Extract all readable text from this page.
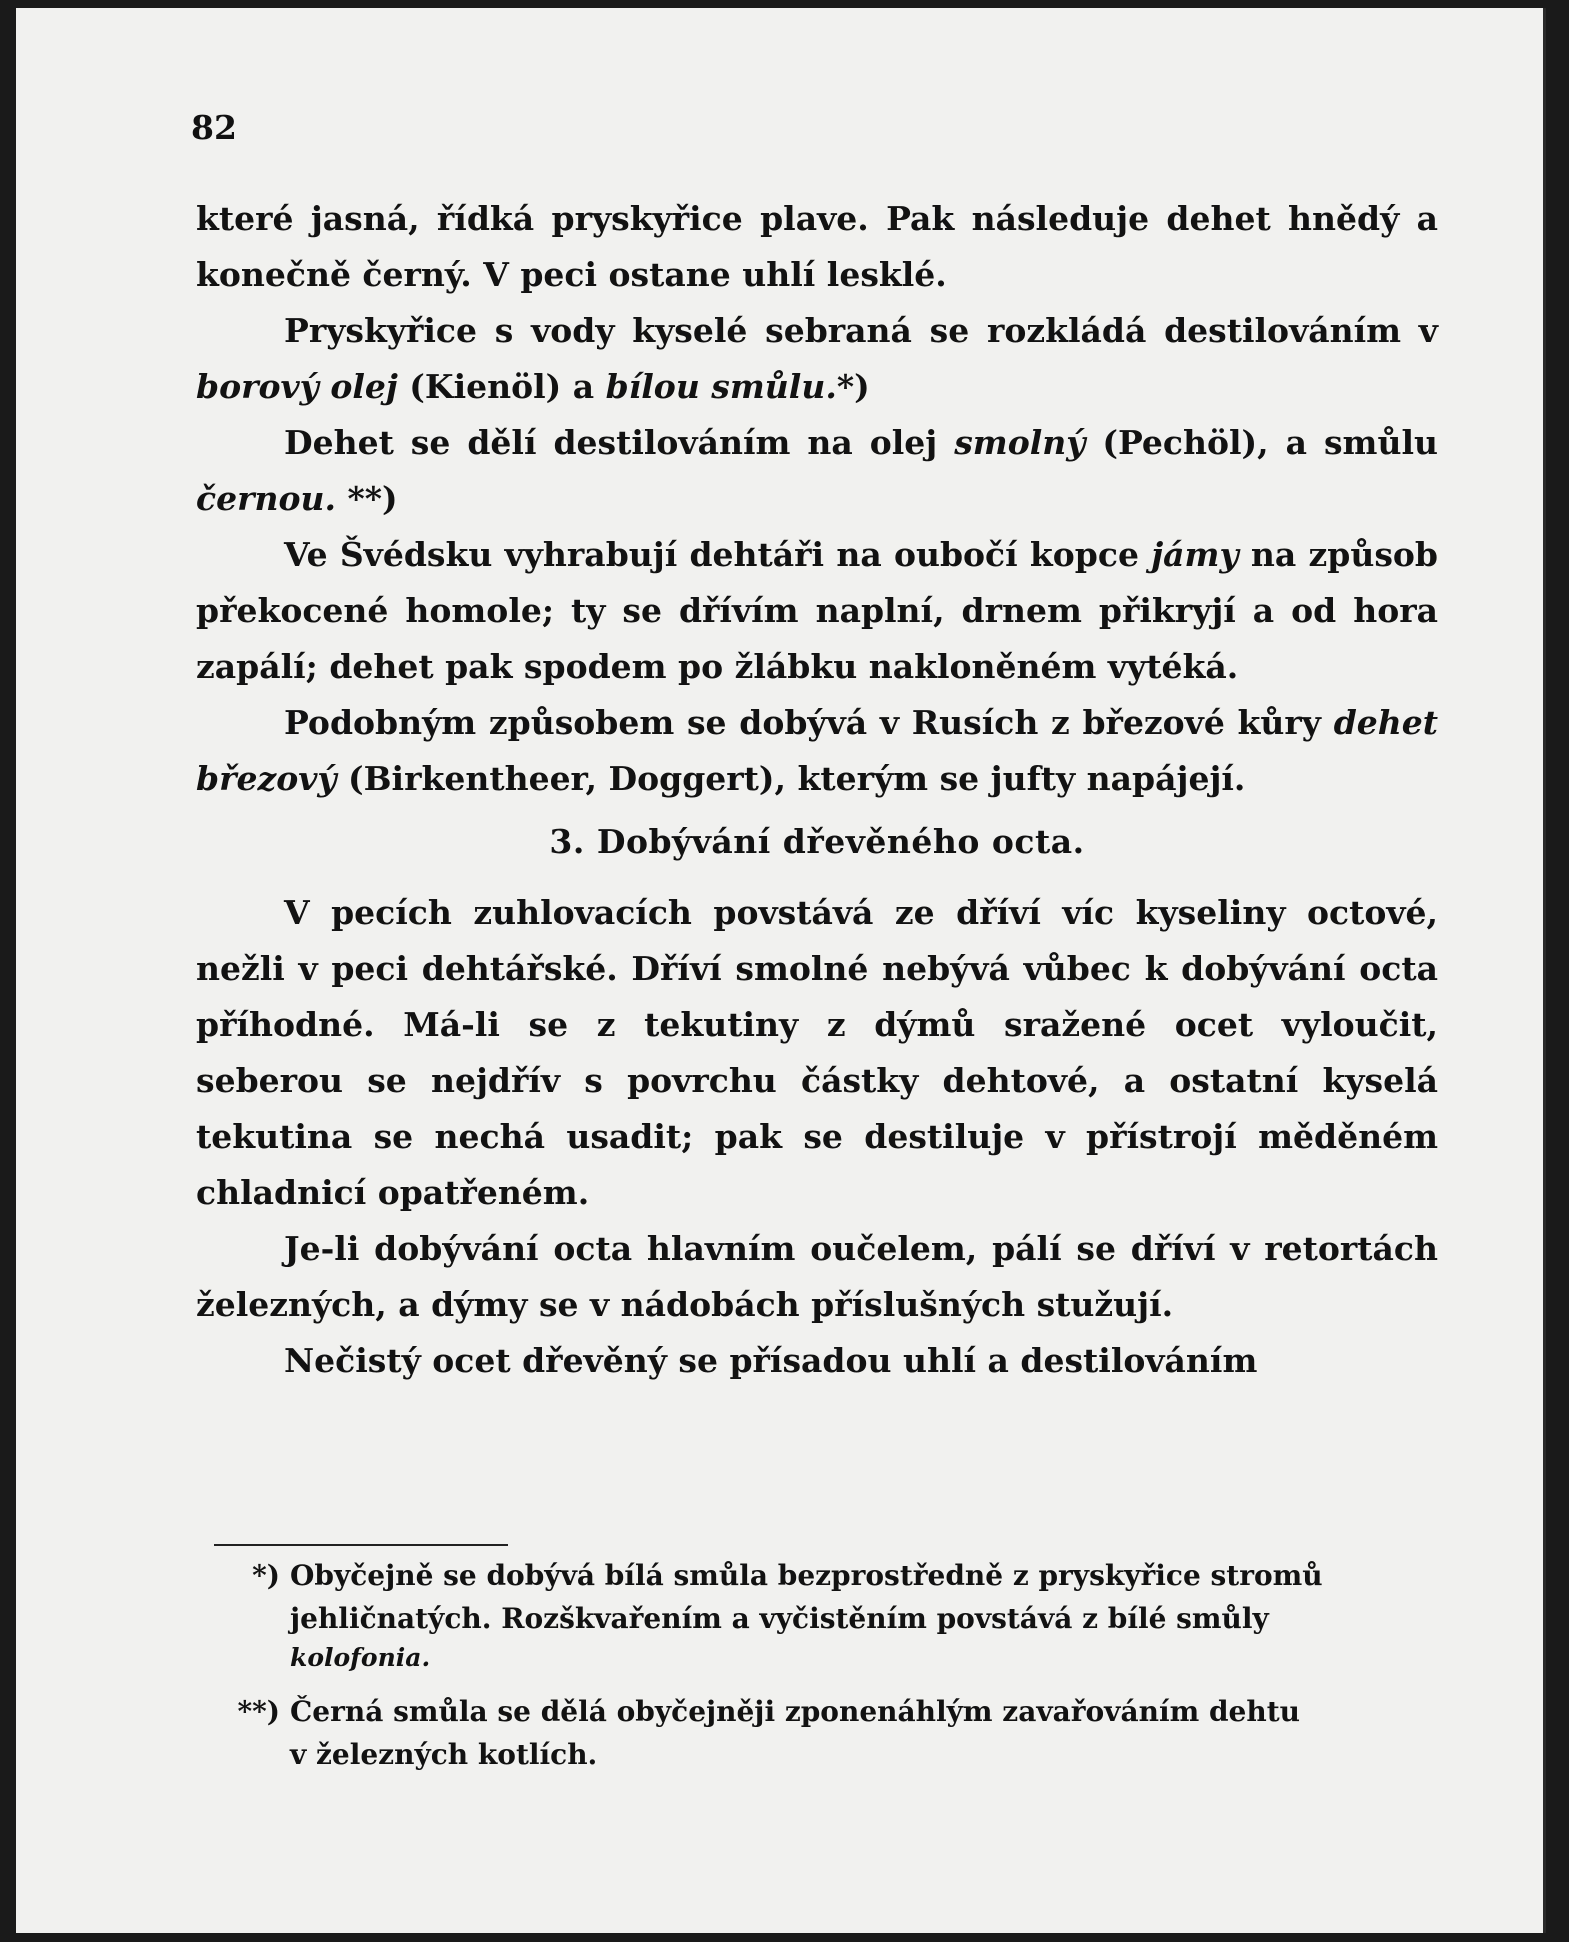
82

které jasná, řídká pryskyřice plave. Pak následuje dehet hnědý a konečně černý. V peci ostane uhlí lesklé.

Pryskyřice s vody kyselé sebraná se rozkládá destilováním v borový olej (Kienöl) a bílou smůlu.*)

Dehet se dělí destilováním na olej smolný (Pechöl), a smůlu černou. **)

Ve Švédsku vyhrabují dehtáři na oubočí kopce jámy na způsob překocené homole; ty se dřívím naplní, drnem přikryjí a od hora zapálí; dehet pak spodem po žlábku nakloněném vytéká.

Podobným způsobem se dobývá v Rusích z březové kůry dehet březový (Birkentheer, Doggert), kterým se jufty napájejí.

3. Dobývání dřevěného octa.

V pecích zuhlovacích povstává ze dříví víc kyseliny octové, nežli v peci dehtářské. Dříví smolné nebývá vůbec k dobývání octa příhodné. Má-li se z tekutiny z dýmů sražené ocet vyloučit, seberou se nejdřív s povrchu částky dehtové, a ostatní kyselá tekutina se nechá usadit; pak se destiluje v přístrojí měděném chladnicí opatřeném.

Je-li dobývání octa hlavním oučelem, pálí se dříví v retortách železných, a dýmy se v nádobách příslušných stužují.

Nečistý ocet dřevěný se přísadou uhlí a destilováním

*) Obyčejně se dobývá bílá smůla bezprostředně z pryskyřice stromů
jehličnatých. Rozškvařením a vyčistěním povstává z bílé smůly
kolofonia.
**) Černá smůla se dělá obyčejněji zponenáhlým zavařováním dehtu
v železných kotlích.
